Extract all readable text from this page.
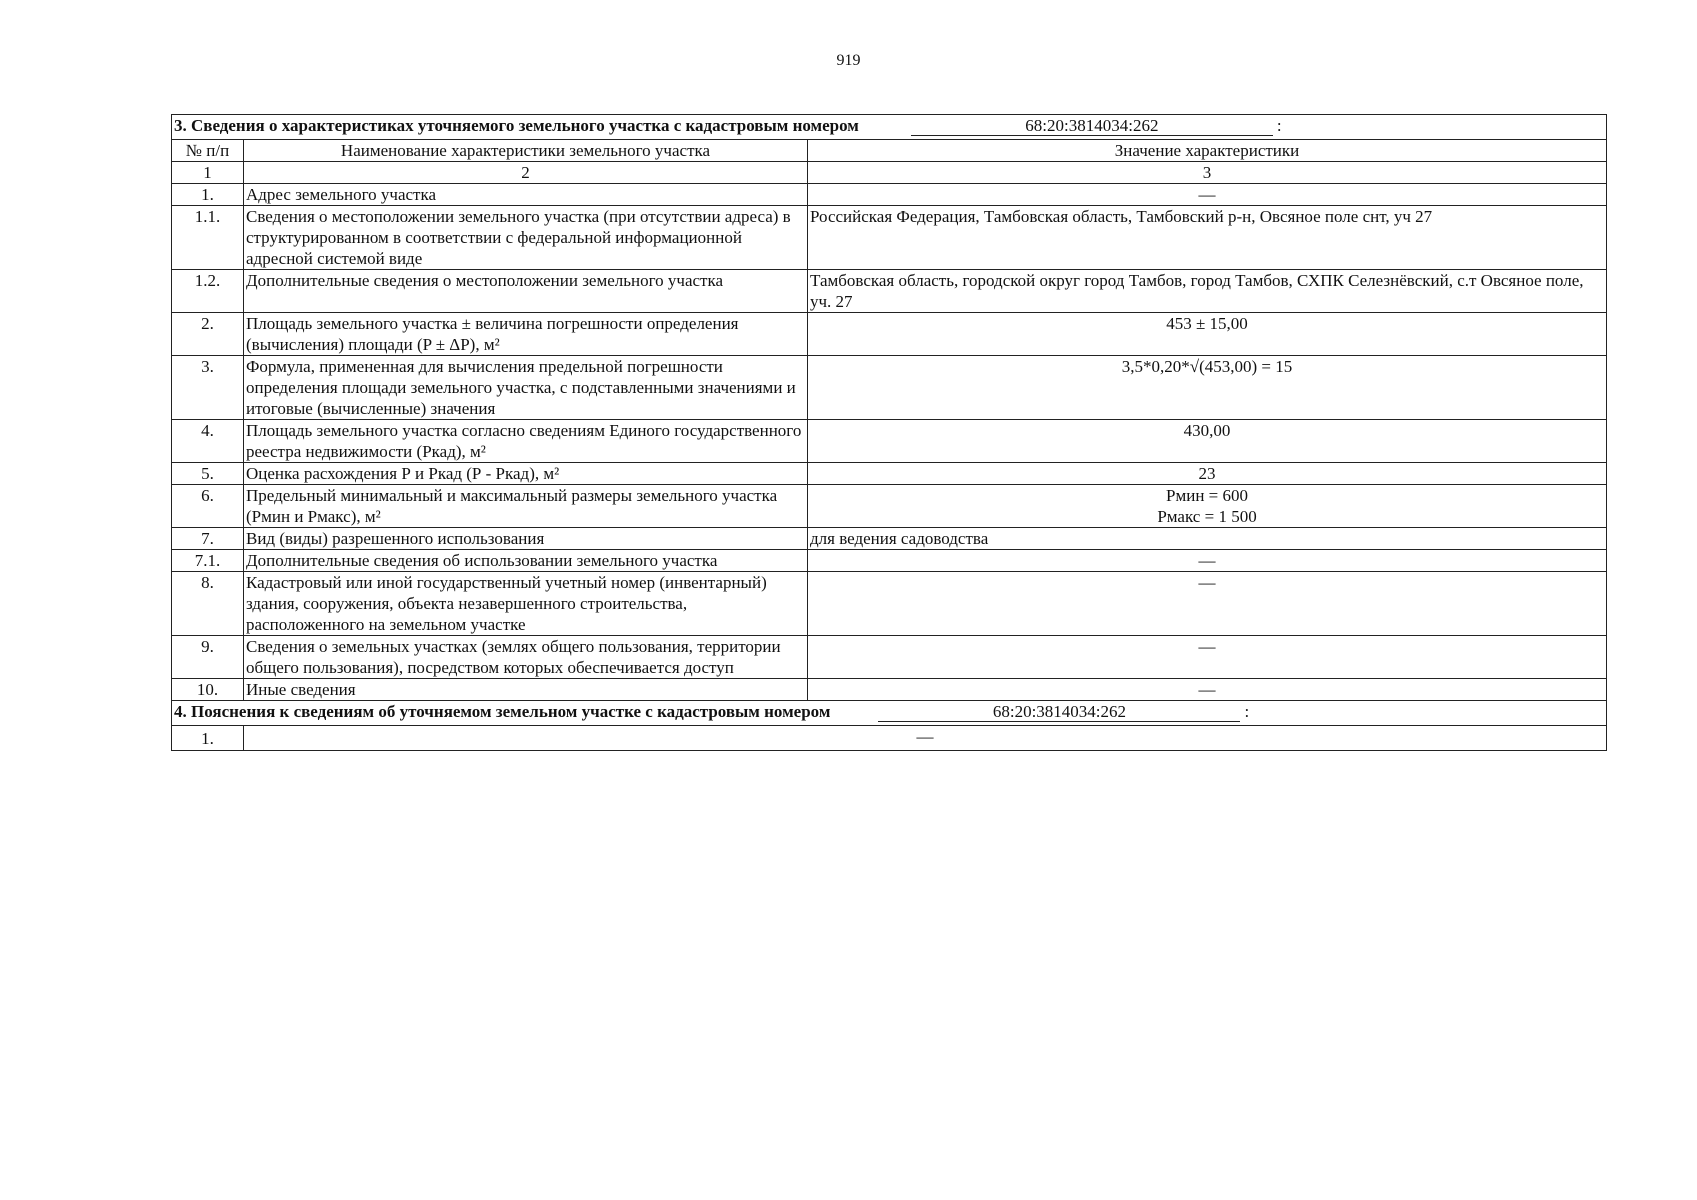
919
3. Сведения о характеристиках уточняемого земельного участка с кадастровым номером 68:20:3814034:262 :		
№ п/п	Наименование характеристики земельного участка	Значение характеристики
1	2	3
1.	Адрес земельного участка	—
1.1.	Сведения о местоположении земельного участка (при отсутствии адреса) в структурированном в соответствии с федеральной информационной адресной системой виде	Российская Федерация, Тамбовская область, Тамбовский р-н, Овсяное поле снт, уч 27
1.2.	Дополнительные сведения о местоположении земельного участка	Тамбовская область, городской округ город Тамбов, город Тамбов, СХПК Селезнёвский, с.т Овсяное поле, уч. 27
2.	Площадь земельного участка ± величина погрешности определения (вычисления) площади (P ± ΔP), м²	453 ± 15,00
3.	Формула, примененная для вычисления предельной погрешности определения площади земельного участка, с подставленными значениями и итоговые (вычисленные) значения	3,5*0,20*√(453,00) = 15
4.	Площадь земельного участка согласно сведениям Единого государственного реестра недвижимости (Ркад), м²	430,00
5.	Оценка расхождения Р и Ркад (Р - Ркад), м²	23
6.	Предельный минимальный и максимальный размеры земельного участка (Рмин и Рмакс), м²	Рмин = 600
Рмакс = 1 500

7.	Вид (виды) разрешенного использования	для ведения садоводства
7.1.	Дополнительные сведения об использовании земельного участка	—
8.	Кадастровый или иной государственный учетный номер (инвентарный) здания, сооружения, объекта незавершенного строительства, расположенного на земельном участке	—
9.	Сведения о земельных участках (землях общего пользования, территории общего пользования), посредством которых обеспечивается доступ	—
10.	Иные сведения	—
4. Пояснения к сведениям об уточняемом земельном участке с кадастровым номером 68:20:3814034:262 :		
1.	—	
